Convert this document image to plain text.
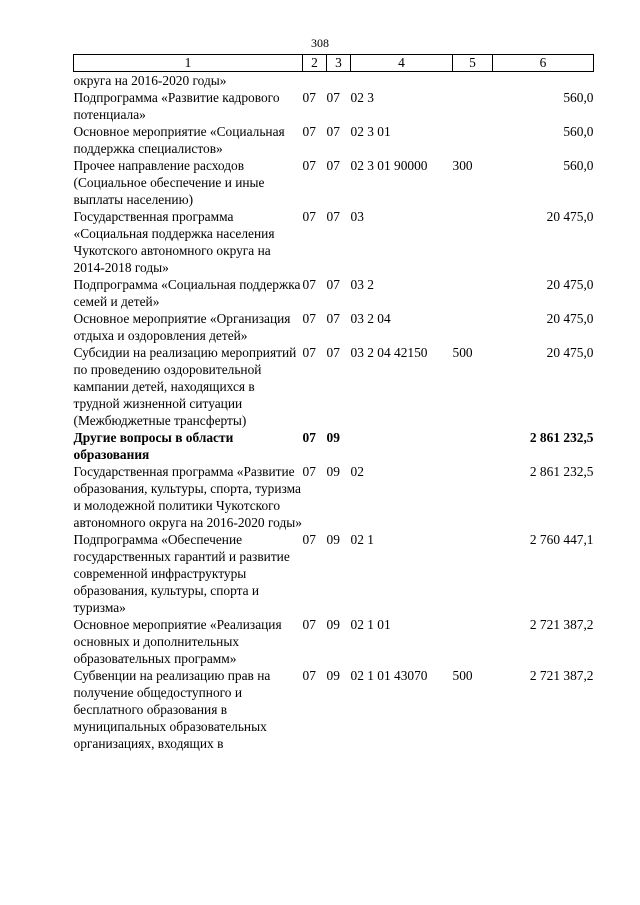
308
1	2	3	4	5	6
округа на 2016-2020 годы»					
Подпрограмма «Развитие кадрового потенциала»	07	07	02 3		560,0
Основное мероприятие «Социальная поддержка специалистов»	07	07	02 3 01		560,0
Прочее направление расходов (Социальное обеспечение и иные выплаты населению)	07	07	02 3 01 90000	300	560,0
Государственная программа «Социальная поддержка населения Чукотского автономного округа на 2014-2018 годы»	07	07	03		20 475,0
Подпрограмма «Социальная поддержка семей и детей»	07	07	03 2		20 475,0
Основное мероприятие «Организация отдыха и оздоровления детей»	07	07	03 2 04		20 475,0
Субсидии на реализацию мероприятий по проведению оздоровительной кампании детей, находящихся в трудной жизненной ситуации (Межбюджетные трансферты)	07	07	03 2 04 42150	500	20 475,0
Другие вопросы в области образования	07	09			2 861 232,5
Государственная программа «Развитие образования, культуры, спорта, туризма и молодежной политики Чукотского автономного округа на 2016-2020 годы»	07	09	02		2 861 232,5
Подпрограмма «Обеспечение государственных гарантий и развитие современной инфраструктуры образования, культуры, спорта и туризма»	07	09	02 1		2 760 447,1
Основное мероприятие «Реализация основных и дополнительных образовательных программ»	07	09	02 1 01		2 721 387,2
Субвенции на реализацию прав на получение общедоступного и бесплатного образования в муниципальных образовательных организациях, входящих в	07	09	02 1 01 43070	500	2 721 387,2
